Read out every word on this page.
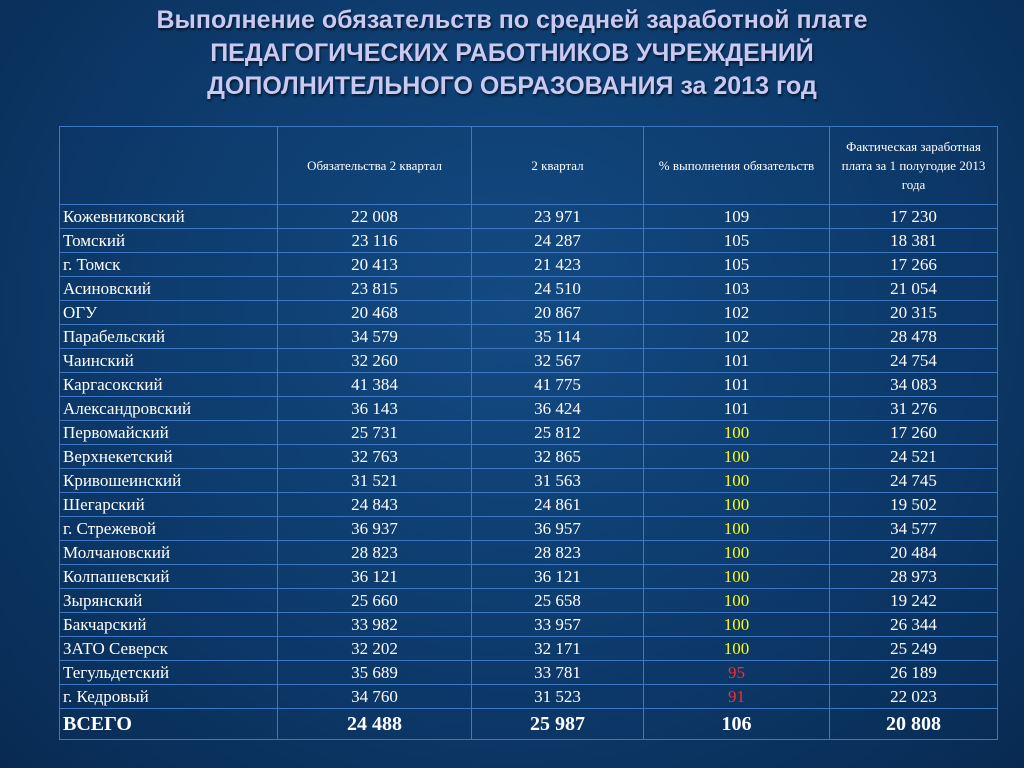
Выполнение обязательств по средней заработной плате
ПЕДАГОГИЧЕСКИХ РАБОТНИКОВ УЧРЕЖДЕНИЙ
ДОПОЛНИТЕЛЬНОГО ОБРАЗОВАНИЯ за 2013 год
	Обязательства 2 квартал	2 квартал	% выполнения обязательств	Фактическая заработная плата за 1 полугодие 2013 года
Кожевниковский	22 008	23 971	109	17 230
Томский	23 116	24 287	105	18 381
г. Томск	20 413	21 423	105	17 266
Асиновский	23 815	24 510	103	21 054
ОГУ	20 468	20 867	102	20 315
Парабельский	34 579	35 114	102	28 478
Чаинский	32 260	32 567	101	24 754
Каргасокский	41 384	41 775	101	34 083
Александровский	36 143	36 424	101	31 276
Первомайский	25 731	25 812	100	17 260
Верхнекетский	32 763	32 865	100	24 521
Кривошеинский	31 521	31 563	100	24 745
Шегарский	24 843	24 861	100	19 502
г. Стрежевой	36 937	36 957	100	34 577
Молчановский	28 823	28 823	100	20 484
Колпашевский	36 121	36 121	100	28 973
Зырянский	25 660	25 658	100	19 242
Бакчарский	33 982	33 957	100	26 344
ЗАТО Северск	32 202	32 171	100	25 249
Тегульдетский	35 689	33 781	95	26 189
г. Кедровый	34 760	31 523	91	22 023
ВСЕГО	24 488	25 987	106	20 808
